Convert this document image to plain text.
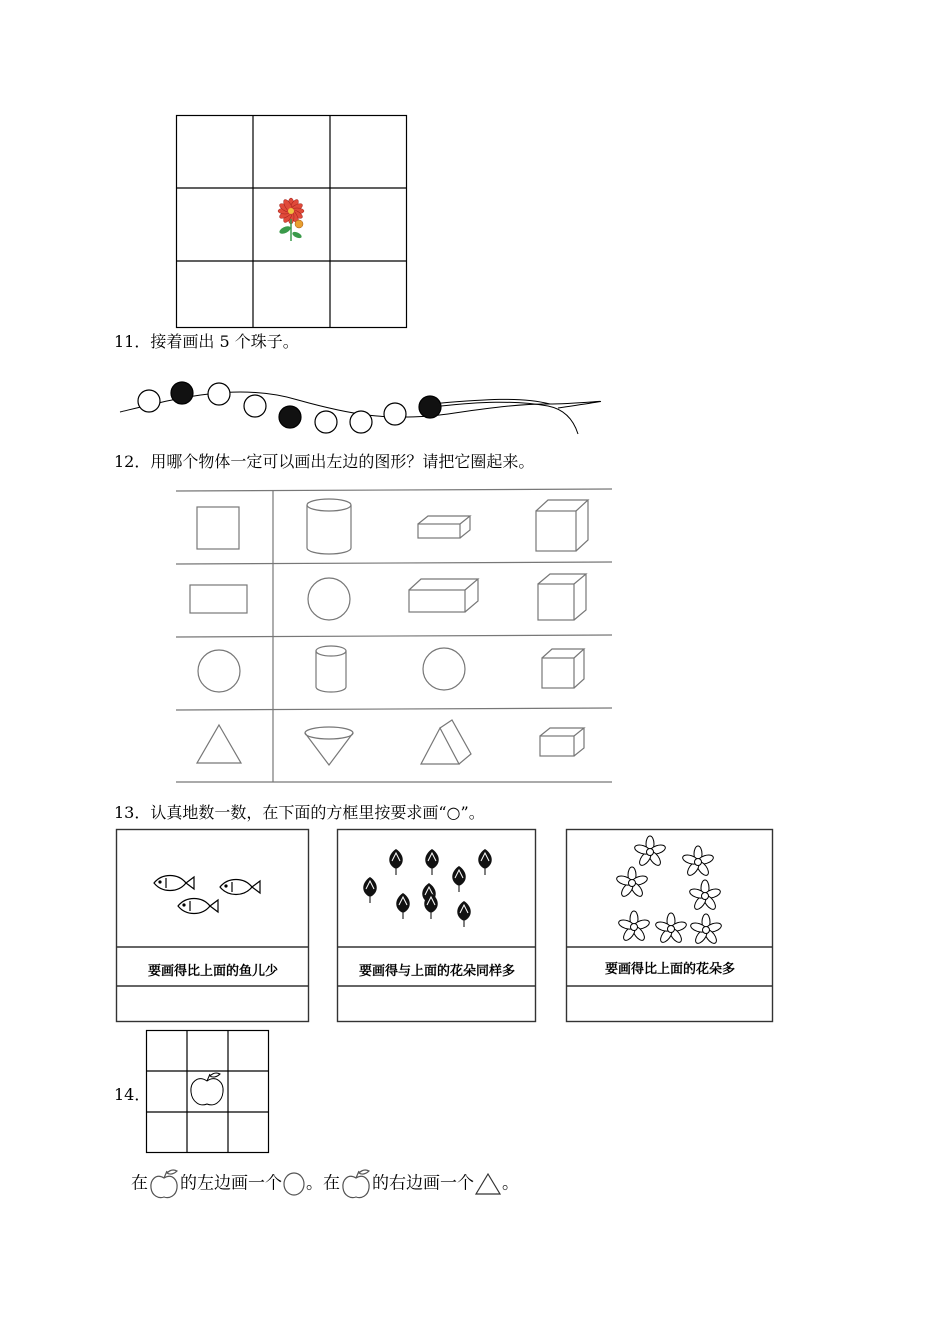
11．接着画出 5 个珠子。
12．用哪个物体一定可以画出左边的图形？请把它圈起来。
13．认真地数一数，在下面的方框里按要求画“○”。
要画得比上面的鱼儿少	要画得与上面的花朵同样多	要画得比上面的花朵多
14．
在 的左边画一个 。在 的右边画一个 。
